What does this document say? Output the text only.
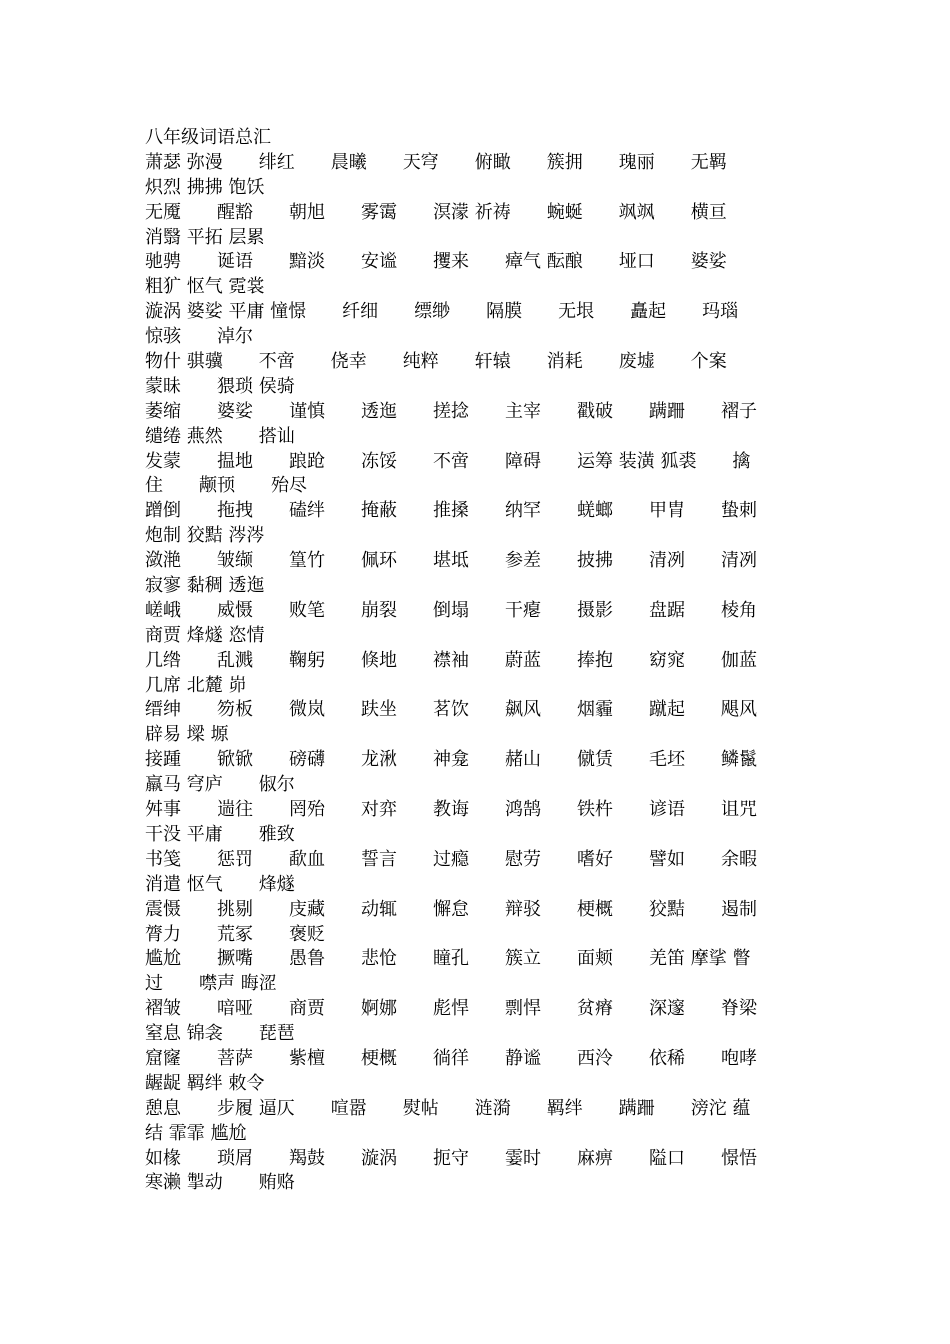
八年级词语总汇
萧瑟 弥漫　　绯红　　晨曦　　天穹　　俯瞰　　簇拥　　瑰丽　　无羁
炽烈 拂拂 饱饫
无魇　　醒豁　　朝旭　　雾霭　　溟濛 祈祷　　蜿蜒　　飒飒　　横亘
消翳 平拓 层累
驰骋　　诞语　　黯淡　　安谧　　攫来　　瘴气 酝酿　　垭口　　婆娑
粗犷 怄气 霓裳
漩涡 婆娑 平庸 憧憬　　纤细　　缥缈　　隔膜　　无垠　　矗起　　玛瑙
惊骇　　淖尔
物什 骐骥　　不啻　　侥幸　　纯粹　　轩辕　　消耗　　废墟　　个案
蒙昧　　猥琐 侯骑
萎缩　　婆娑　　谨慎　　透迤　　搓捻　　主宰　　戳破　　蹒跚　　褶子
缱绻 燕然　　搭讪
发蒙　　揾地　　踉跄　　冻馁　　不啻　　障碍　　运筹 装潢 狐裘　　擒
住　　颟顸　　殆尽
蹭倒　　拖拽　　磕绊　　掩蔽　　推搡　　纳罕　　蜣螂　　甲胄　　蛰刺
炮制 狡黠 涔涔
潋滟　　皱缬　　篁竹　　佩环　　堪坻　　参差　　披拂　　清冽　　清冽
寂寥 黏稠 透迤
嵯峨　　威慑　　败笔　　崩裂　　倒塌　　干瘪　　摄影　　盘踞　　棱角
商贾 烽燧 恣情
几绺　　乱溅　　鞠躬　　倏地　　襟袖　　蔚蓝　　捧抱　　窈窕　　伽蓝
几席 北麓 峁
缙绅　　笏板　　微岚　　趺坐　　茗饮　　飙风　　烟霾　　蹴起　　飓风
辟易 墚 塬
接踵　　锨锨　　磅礴　　龙湫　　神龛　　赭山　　僦赁　　毛坯　　鳞鬣
羸马 穹庐　　俶尔
舛事　　遄往　　罔殆　　对弈　　教诲　　鸿鹄　　铁杵　　谚语　　诅咒
干没 平庸　　雅致
书笺　　惩罚　　歃血　　誓言　　过瘾　　慰劳　　嗜好　　譬如　　余暇
消遣 怄气　　烽燧
震慑　　挑剔　　庋藏　　动辄　　懈怠　　辩驳　　梗概　　狡黠　　遏制
膂力　　荒冢　　褒贬
尴尬　　撅嘴　　愚鲁　　悲怆　　瞳孔　　簇立　　面颊　　羌笛 摩挲 瞥
过　　噤声 晦涩
褶皱　　喑哑　　商贾　　婀娜　　彪悍　　剽悍　　贫瘠　　深邃　　脊梁
窒息 锦衾　　琵琶
窟窿　　菩萨　　紫檀　　梗概　　徜徉　　静谧　　西泠　　依稀　　咆哮
龌龊 羁绊 敕令
憩息　　步履 逼仄　　喧嚣　　熨帖　　涟漪　　羁绊　　蹒跚　　滂沱 蕴
结 霏霏 尴尬
如椽　　琐屑　　羯鼓　　漩涡　　扼守　　霎时　　麻痹　　隘口　　憬悟
寒濑 掣动　　贿赂
